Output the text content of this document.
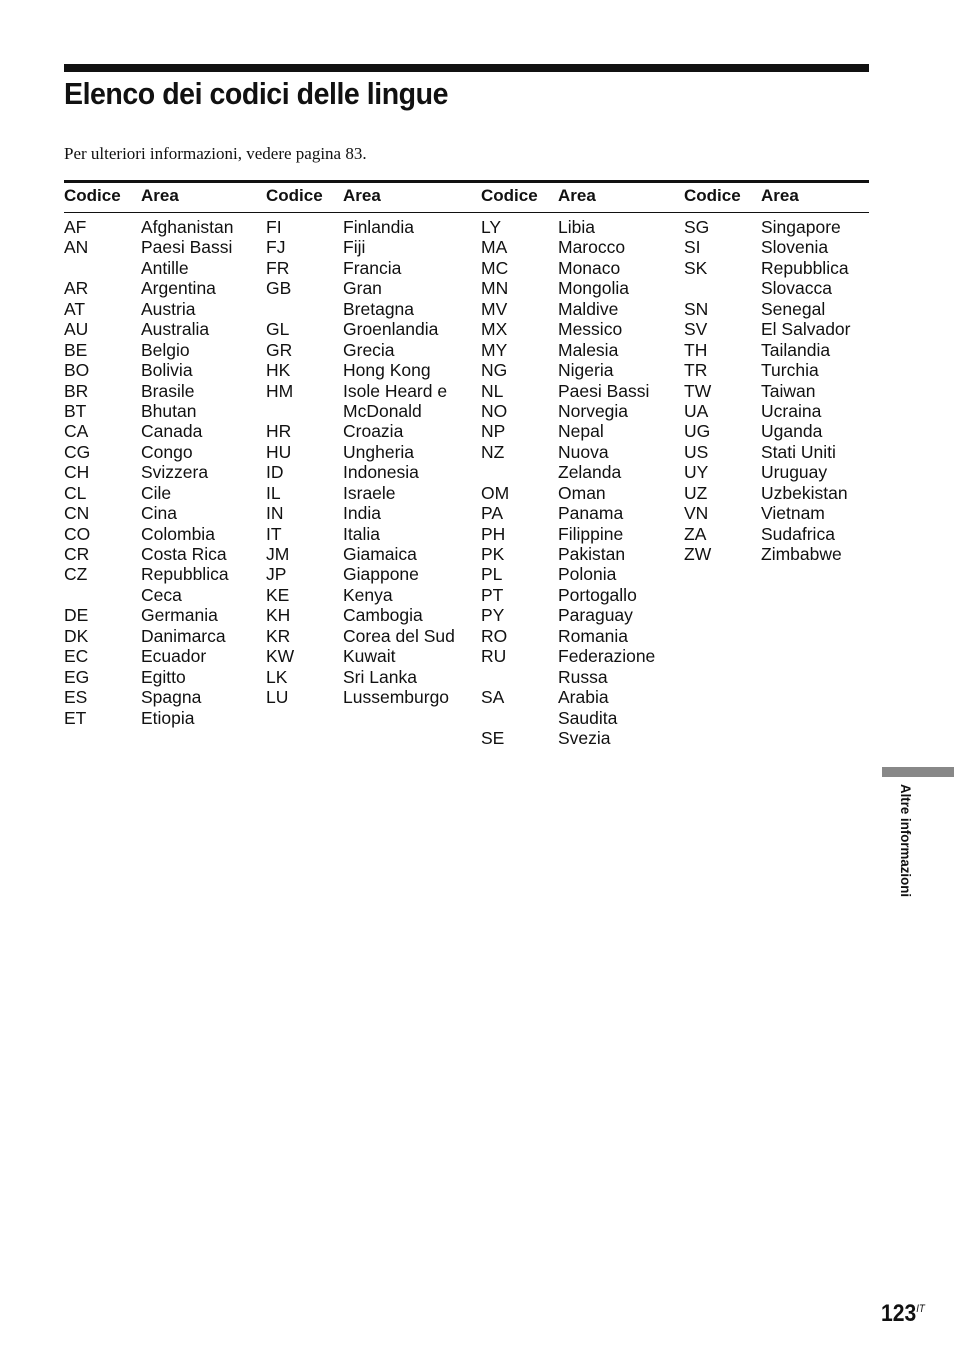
Elenco dei codici delle lingue

Per ulteriori informazioni, vedere pagina 83.

Codice Area
AF	Afghanistan
AN	Paesi Bassi
Antille
AR	Argentina
AT	Austria
AU	Australia
BE	Belgio
BO	Bolivia
BR	Brasile
BT	Bhutan
CA	Canada
CG	Congo
CH	Svizzera
CL	Cile
CN	Cina
CO	Colombia
CR	Costa Rica
CZ	Repubblica
Ceca
DE	Germania
DK	Danimarca
EC	Ecuador
EG	Egitto
ES	Spagna
ET	Etiopia
Codice Area
FI	Finlandia
FJ	Fiji
FR	Francia
GB	Gran
Bretagna
GL	Groenlandia
GR	Grecia
HK	Hong Kong
HM	Isole Heard e
McDonald
HR	Croazia
HU	Ungheria
ID	Indonesia
IL	Israele
IN	India
IT	Italia
JM	Giamaica
JP	Giappone
KE	Kenya
KH	Cambogia
KR	Corea del Sud
KW	Kuwait
LK	Sri Lanka
LU	Lussemburgo
Codice Area
LY	Libia
MA	Marocco
MC	Monaco
MN	Mongolia
MV	Maldive
MX	Messico
MY	Malesia
NG	Nigeria
NL	Paesi Bassi
NO	Norvegia
NP	Nepal
NZ	Nuova
Zelanda
OM	Oman
PA	Panama
PH	Filippine
PK	Pakistan
PL	Polonia
PT	Portogallo
PY	Paraguay
RO	Romania
RU	Federazione
Russa
SA	Arabia
Saudita
SE	Svezia
Codice Area
SG	Singapore
SI	Slovenia
SK	Repubblica
Slovacca
SN	Senegal
SV	El Salvador
TH	Tailandia
TR	Turchia
TW	Taiwan
UA	Ucraina
UG	Uganda
US	Stati Uniti
UY	Uruguay
UZ	Uzbekistan
VN	Vietnam
ZA	Sudafrica
ZW	Zimbabwe
Altre informazioni
$123^{IT}$
